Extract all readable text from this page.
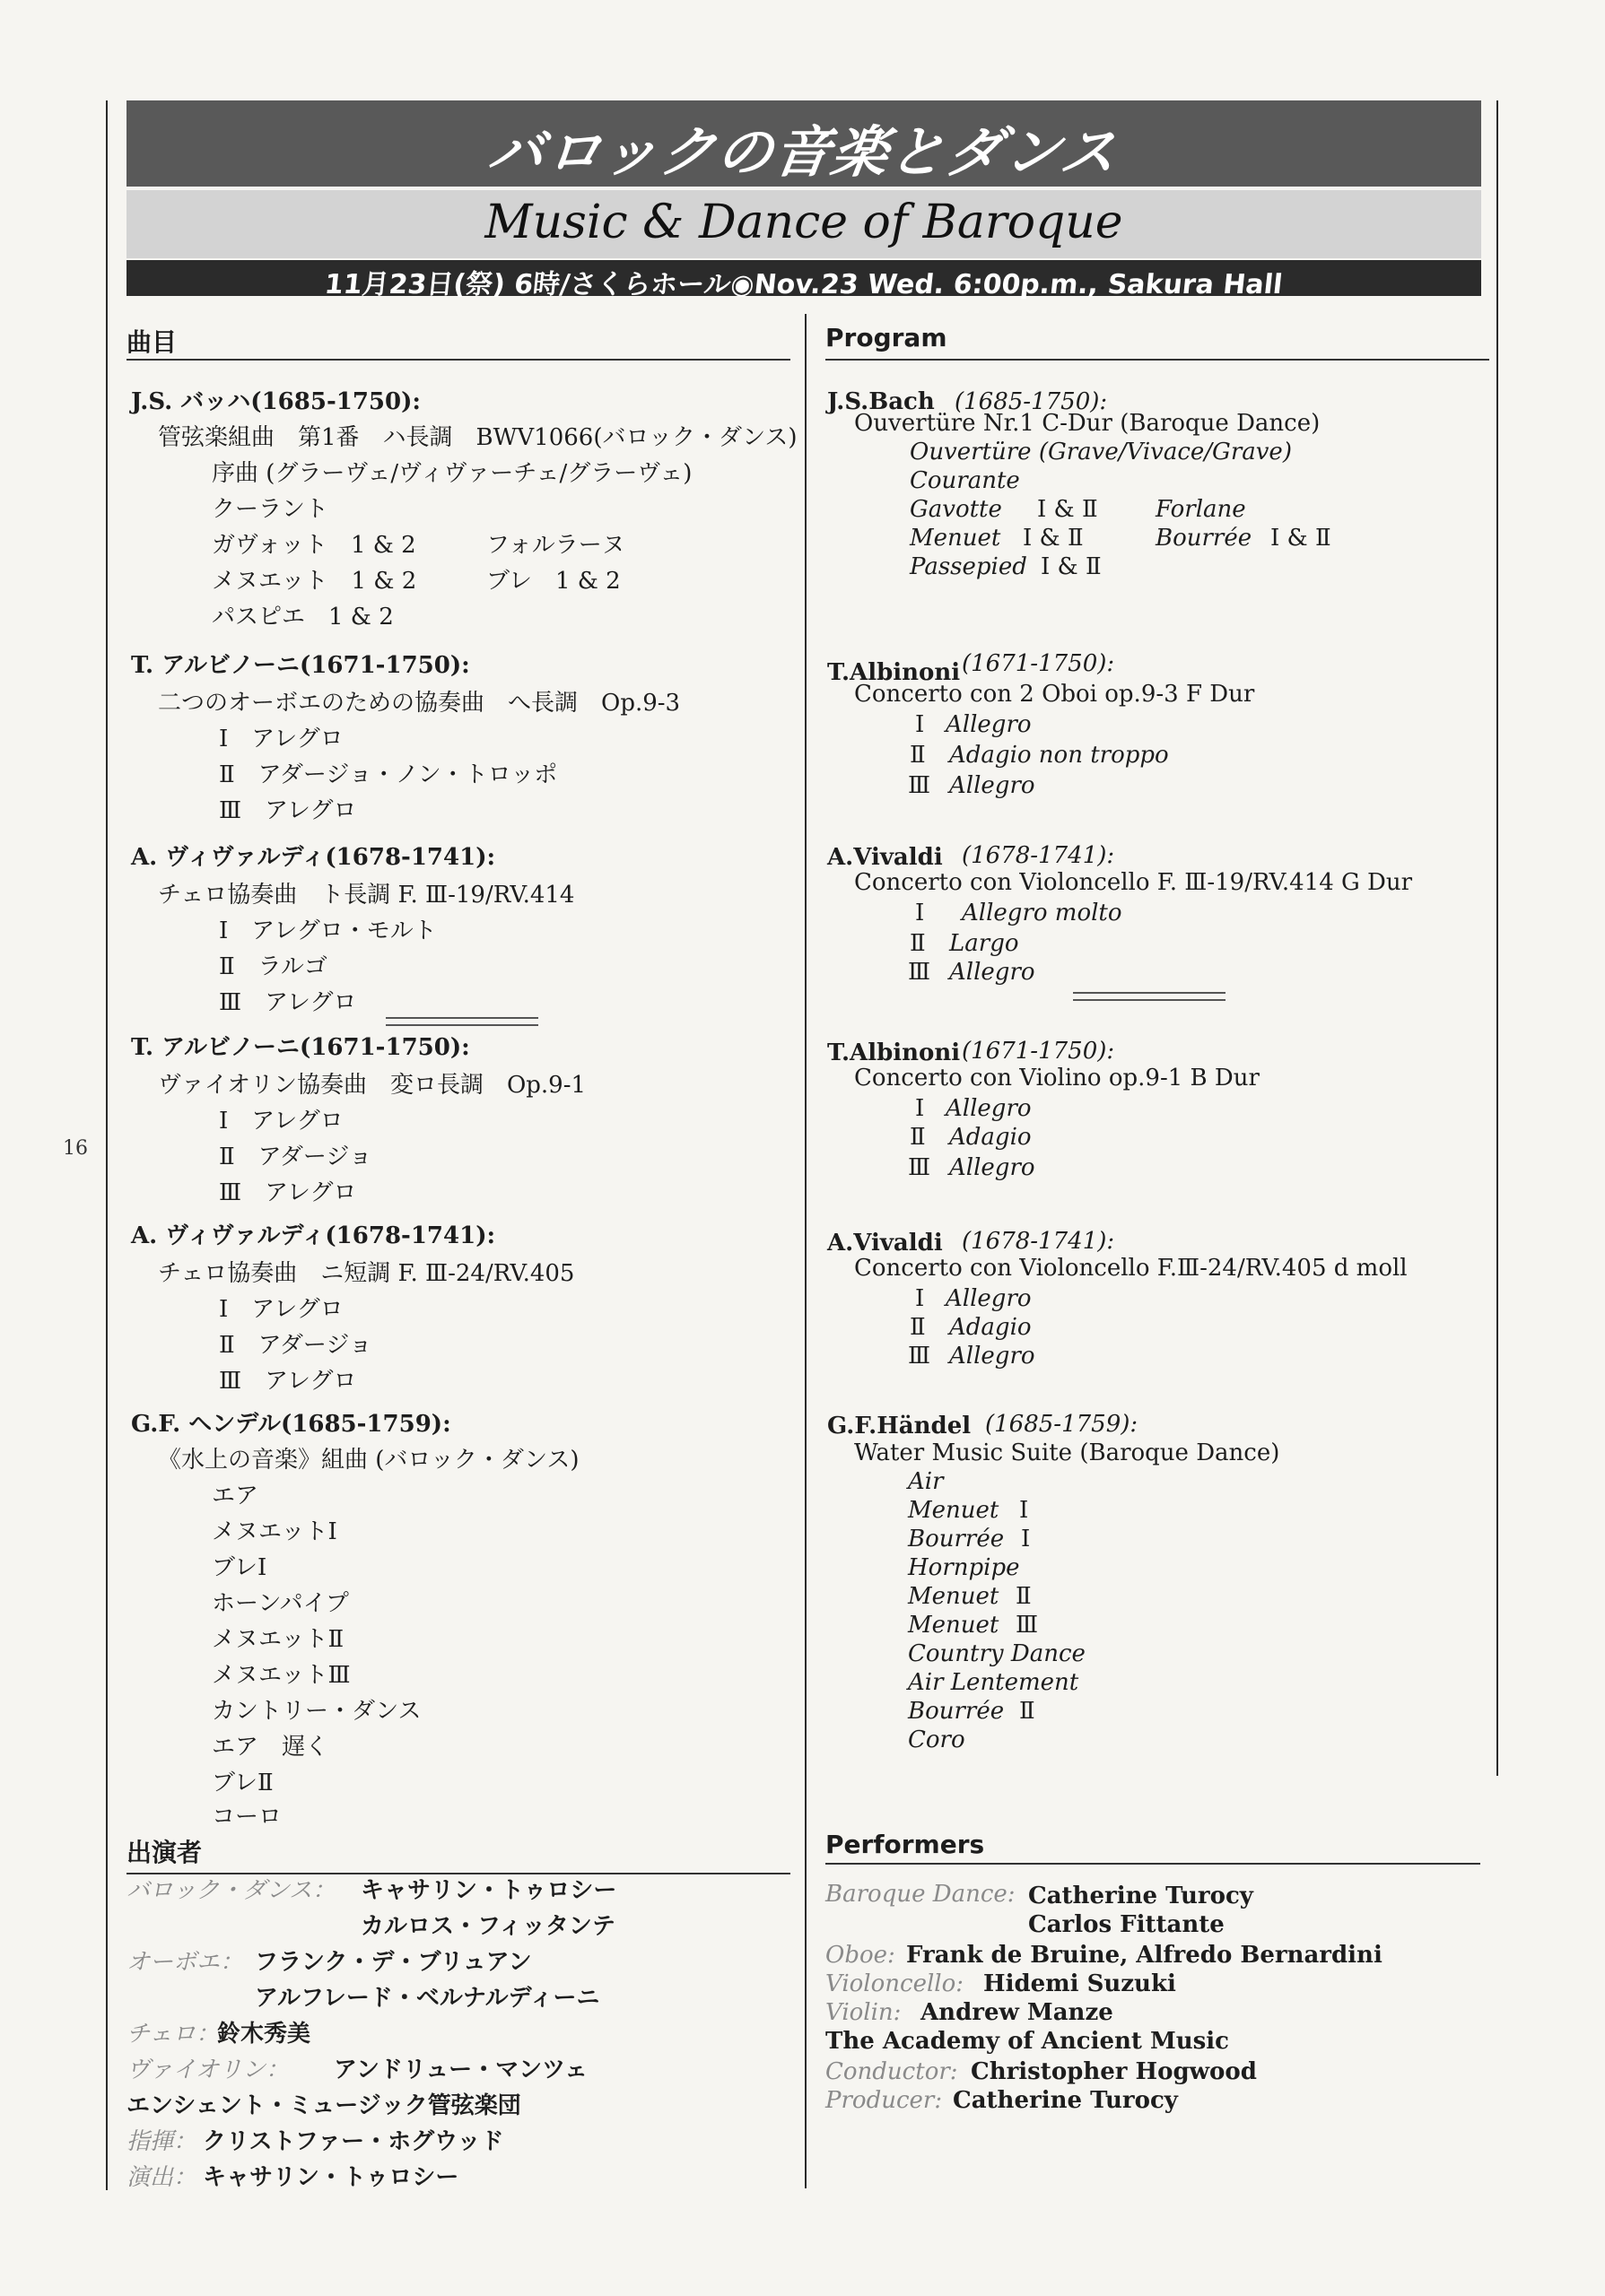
バロックの音楽とダンス
Music & Dance of Baroque
11月23日(祭) 6時/さくらホール◉Nov.23 Wed. 6:00p.m., Sakura Hall
16
曲目
J.S. バッハ(1685-1750):
管弦楽組曲　第1番　ハ長調　BWV1066(バロック・ダンス)
序曲 (グラーヴェ/ヴィヴァーチェ/グラーヴェ)
クーラント
ガヴォット　1 & 2	フォルラーヌ
メヌエット　1 & 2	ブレ　1 & 2
パスピエ　1 & 2
T. アルビノーニ(1671-1750):
二つのオーボエのための協奏曲　へ長調　Op.9-3
Ⅰ　アレグロ
Ⅱ　アダージョ・ノン・トロッポ
Ⅲ　アレグロ
A. ヴィヴァルディ(1678-1741):
チェロ協奏曲　ト長調 F. Ⅲ-19/RV.414
Ⅰ　アレグロ・モルト
Ⅱ　ラルゴ
Ⅲ　アレグロ
T. アルビノーニ(1671-1750):
ヴァイオリン協奏曲　変ロ長調　Op.9-1
Ⅰ　アレグロ
Ⅱ　アダージョ
Ⅲ　アレグロ
A. ヴィヴァルディ(1678-1741):
チェロ協奏曲　ニ短調 F. Ⅲ-24/RV.405
Ⅰ　アレグロ
Ⅱ　アダージョ
Ⅲ　アレグロ
G.F. ヘンデル(1685-1759):
《水上の音楽》組曲 (バロック・ダンス)
エア
メヌエットⅠ
ブレⅠ
ホーンパイプ
メヌエットⅡ
メヌエットⅢ
カントリー・ダンス
エア　遅く
ブレⅡ
コーロ
出演者
バロック・ダンス： キャサリン・トゥロシー
カルロス・フィッタンテ
オーボエ： フランク・デ・ブリュアン
アルフレード・ベルナルディーニ
チェロ：
鈴木秀美
ヴァイオリン： アンドリュー・マンツェ
エンシェント・ミュージック管弦楽団
指揮： クリストファー・ホグウッド
演出： キャサリン・トゥロシー
Program
J.S.Bach (1685-1750):
Ouvertüre Nr.1 C-Dur (Baroque Dance)
Ouvertüre (Grave/Vivace/Grave)
Courante
Gavotte Ⅰ & Ⅱ Forlane
Menuet Ⅰ & Ⅱ	Bourrée Ⅰ & Ⅱ
Passepied Ⅰ & Ⅱ
T.Albinoni (1671-1750):
Concerto con 2 Oboi op.9-3 F Dur
Ⅰ Allegro
Ⅱ Adagio non troppo
Ⅲ Allegro
A.Vivaldi (1678-1741):
Concerto con Violoncello F. Ⅲ-19/RV.414 G Dur
Ⅰ Allegro molto
Ⅱ Largo
Ⅲ Allegro
T.Albinoni (1671-1750):
Concerto con Violino op.9-1 B Dur
Ⅰ Allegro
Ⅱ Adagio
Ⅲ Allegro
A.Vivaldi (1678-1741):
Concerto con Violoncello F.Ⅲ-24/RV.405 d moll
Ⅰ Allegro
Ⅱ Adagio
Ⅲ Allegro
G.F.Händel (1685-1759):
Water Music Suite (Baroque Dance)
Air
Menuet Ⅰ
Bourrée Ⅰ
Hornpipe
Menuet Ⅱ
Menuet Ⅲ
Country Dance
Air Lentement
Bourrée Ⅱ
Coro
Performers
Baroque Dance: Catherine Turocy
Carlos Fittante
Oboe: Frank de Bruine, Alfredo Bernardini
Violoncello: Hidemi Suzuki
Violin: Andrew Manze
The Academy of Ancient Music
Conductor: Christopher Hogwood
Producer: Catherine Turocy
